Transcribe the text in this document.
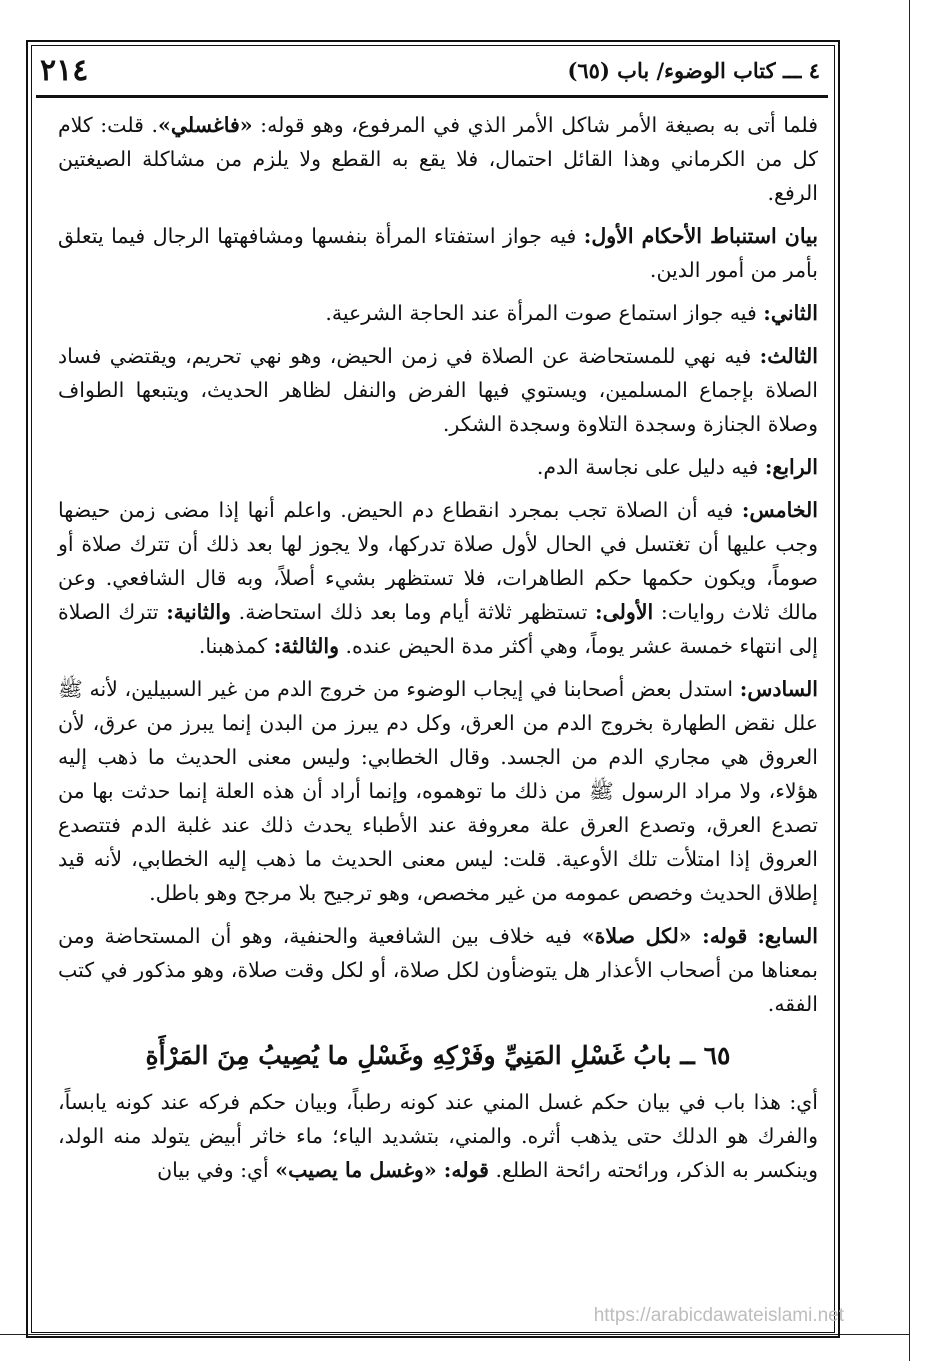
٤ ـــ كتاب الوضوء/ باب (٦٥)
٢١٤

فلما أتى به بصيغة الأمر شاكل الأمر الذي في المرفوع، وهو قوله: «فاغسلي». قلت: كلام كل من الكرماني وهذا القائل احتمال، فلا يقع به القطع ولا يلزم من مشاكلة الصيغتين الرفع.

بيان استنباط الأحكام الأول: فيه جواز استفتاء المرأة بنفسها ومشافهتها الرجال فيما يتعلق بأمر من أمور الدين.

الثاني: فيه جواز استماع صوت المرأة عند الحاجة الشرعية.

الثالث: فيه نهي للمستحاضة عن الصلاة في زمن الحيض، وهو نهي تحريم، ويقتضي فساد الصلاة بإجماع المسلمين، ويستوي فيها الفرض والنفل لظاهر الحديث، ويتبعها الطواف وصلاة الجنازة وسجدة التلاوة وسجدة الشكر.

الرابع: فيه دليل على نجاسة الدم.

الخامس: فيه أن الصلاة تجب بمجرد انقطاع دم الحيض. واعلم أنها إذا مضى زمن حيضها وجب عليها أن تغتسل في الحال لأول صلاة تدركها، ولا يجوز لها بعد ذلك أن تترك صلاة أو صوماً، ويكون حكمها حكم الطاهرات، فلا تستظهر بشيء أصلاً، وبه قال الشافعي. وعن مالك ثلاث روايات: الأولى: تستظهر ثلاثة أيام وما بعد ذلك استحاضة. والثانية: تترك الصلاة إلى انتهاء خمسة عشر يوماً، وهي أكثر مدة الحيض عنده. والثالثة: كمذهبنا.

السادس: استدل بعض أصحابنا في إيجاب الوضوء من خروج الدم من غير السبيلين، لأنه ﷺ علل نقض الطهارة بخروج الدم من العرق، وكل دم يبرز من البدن إنما يبرز من عرق، لأن العروق هي مجاري الدم من الجسد. وقال الخطابي: وليس معنى الحديث ما ذهب إليه هؤلاء، ولا مراد الرسول ﷺ من ذلك ما توهموه، وإنما أراد أن هذه العلة إنما حدثت بها من تصدع العرق، وتصدع العرق علة معروفة عند الأطباء يحدث ذلك عند غلبة الدم فتتصدع العروق إذا امتلأت تلك الأوعية. قلت: ليس معنى الحديث ما ذهب إليه الخطابي، لأنه قيد إطلاق الحديث وخصص عمومه من غير مخصص، وهو ترجيح بلا مرجح وهو باطل.

السابع: قوله: «لكل صلاة» فيه خلاف بين الشافعية والحنفية، وهو أن المستحاضة ومن بمعناها من أصحاب الأعذار هل يتوضأون لكل صلاة، أو لكل وقت صلاة، وهو مذكور في كتب الفقه.

٦٥ ــ بابُ غَسْلِ المَنِيِّ وفَرْكِهِ وغَسْلِ ما يُصِيبُ مِنَ المَرْأَةِ

أي: هذا باب في بيان حكم غسل المني عند كونه رطباً، وبيان حكم فركه عند كونه يابساً، والفرك هو الدلك حتى يذهب أثره. والمني، بتشديد الياء؛ ماء خاثر أبيض يتولد منه الولد، وينكسر به الذكر، ورائحته رائحة الطلع. قوله: «وغسل ما يصيب» أي: وفي بيان

https://arabicdawateislami.net
